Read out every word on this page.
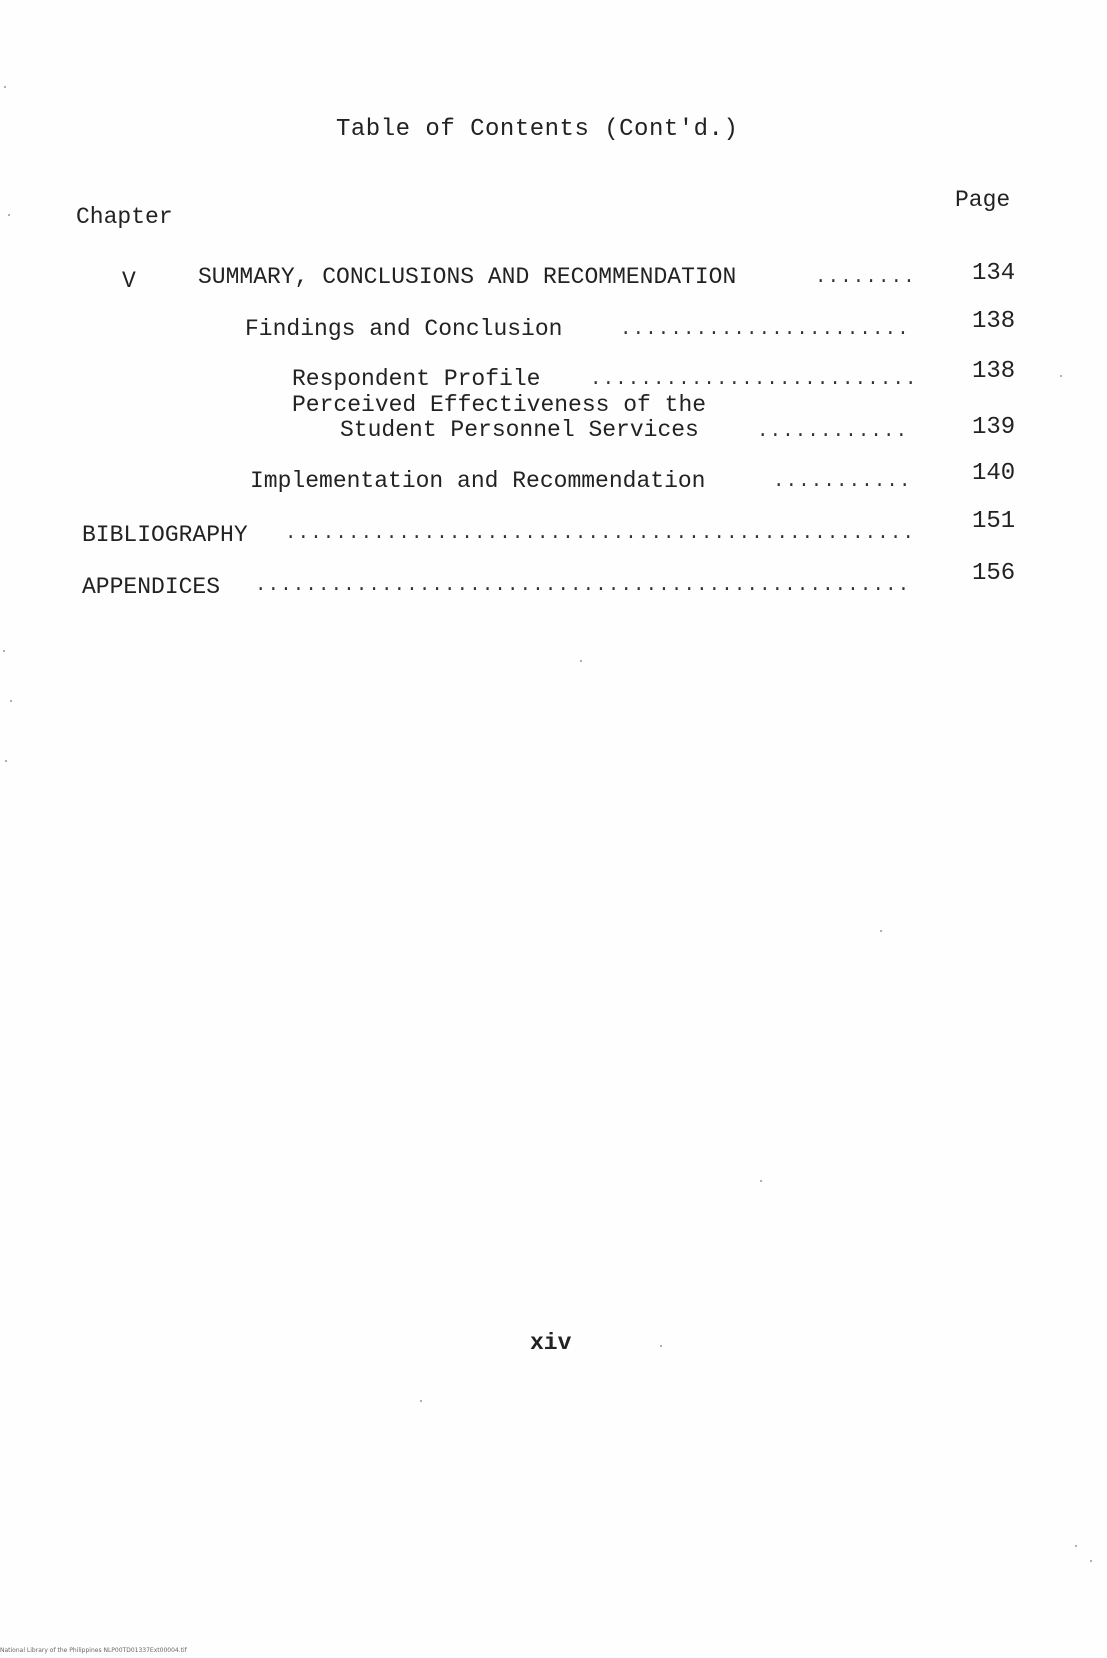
Table of Contents (Cont'd.)
Chapter
Page
V	SUMMARY, CONCLUSIONS AND RECOMMENDATION	........	134
Findings and Conclusion	.......................	138
Respondent Profile	..........................	138
Perceived Effectiveness of the
Student Personnel Services	............	139
Implementation and Recommendation	...........	140
BIBLIOGRAPHY ..................................................	151
APPENDICES ....................................................	156
xiv
National Library of the Philippines NLP00TD01337Ext00004.tif
